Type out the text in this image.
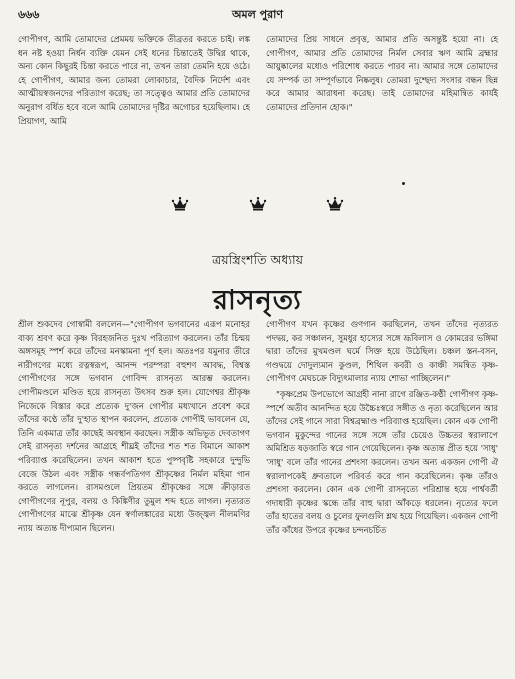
৬৬৬	অমল পুরাণ

গোপীগণ, আমি তোমাদের প্রেমময় ভক্তিকে তীব্রতর করতে চাই। লঙ্ক ধন নষ্ট হওয়া নির্ধন ব্যক্তি যেমন সেই ধনের চিন্তাতেই উদ্বিগ্ন থাকে, অন্য কোন কিছুরই চিন্তা করতে পারে না, তখন তারা তেমনি হয়ে ওঠে। হে গোপীগণ, আমার জন্য তোমরা লোকাচার, বৈদিক নির্দেশ এবং আত্মীয়স্বজনদের পরিত্যাগ করেছ; তা সত্ত্বেও আমার প্রতি তোমাদের অনুরাগ বর্ধিত হবে বলে আমি তোমাদের দৃষ্টির অগোচর হয়েছিলাম। হে প্রিয়াগণ, আমি

তোমাদের প্রিয় সাধনে প্রবৃত্ত, আমার প্রতি অসন্তুষ্ট হয়ো না। হে গোপীগণ, আমার প্রতি তোমাদের নির্মল সেবার ঋণ আমি ব্রহ্মার আয়ুষ্কালের মধ্যেও পরিশোধ করতে পারব না। আমার সঙ্গে তোমাদের যে সম্পর্ক তা সম্পূর্ণভাবে নিষ্কলুষ। তোমরা দুশ্ছেদ্য সংসার বন্ধন ছিন্ন করে আমার আরাধনা করেছ। তাই তোমাদের মহিমান্বিত কার্যই তোমাদের প্রতিদান হোক।"

ত্রয়স্ত্রিংশতি অধ্যায়
রাসনৃত্য

শ্রীল শুকদেব গোস্বামী বললেন—"গোপীগণ ভগবানের এরূপ মনোহর বাক্য শ্রবণ করে কৃষ্ণ বিরহজনিত দুঃখ পরিত্যাগ করলেন। তাঁর চিন্ময় অঙ্গসমূহ স্পর্শ করে তাঁদের মনস্কামনা পূর্ণ হল। অতঃপর যমুনার তীরে নারীগণের মধ্যে রত্নস্বরূপ, আনন্দ পরম্পরা বহুশণ আবদ্ধ, বিশ্বস্ত গোপীগণের সঙ্গে ভগবান গোবিন্দ রাসনৃত্য আরম্ভ করলেন। গোপীমণ্ডলে মণ্ডিত হয়ে রাসনৃত্য উৎসব শুরু হল। যোগেশ্বর শ্রীকৃষ্ণ নিজেকে বিস্তার করে প্রত্যেক দু'জন গোপীর মধ্যখানে প্রবেশ করে তাঁদের কণ্ঠে তাঁর দু'হাত স্থাপন করলেন, প্রত্যেক গোপীই ভাবলেন যে, তিনি একমাত্র তাঁর কাছেই অবস্থান করছেন। সস্ত্রীক অভিভূত দেবতাগণ সেই রাসনৃত্য দর্শনের আগ্রহে শীঘ্রই তাঁদের শত শত বিমানে আকাশ পরিব্যাপ্ত করেছিলেন। তখন আকাশ হতে পুষ্পবৃষ্টি সহকারে দুন্দুভি বেজে উঠল এবং সস্ত্রীক গন্ধর্বপতিগণ শ্রীকৃষ্ণের নির্মল মহিমা গান করতে লাগলেন। রাসমণ্ডলে প্রিয়তম শ্রীকৃষ্ণের সঙ্গে ক্রীড়ারত গোপীগণের নূপুর, বলয় ও কিঙ্কিণীর তুমুল শব্দ হতে লাগল। নৃত্যরত গোপীগণের মাঝে শ্রীকৃষ্ণ যেন স্বর্ণালঙ্কারের মধ্যে উজ্জ্বল নীলমণির ন্যায় অত্যন্ত দীপ্যমান ছিলেন।

গোপীগণ যখন কৃষ্ণের গুণগান করছিলেন, তখন তাঁদের নৃত্যরত পদদ্বয়, কর সঞ্চালন, সুমধুর হাস্যের সঙ্গে ভ্রূবিলাস ও কোমরের ভঙ্গিমা দ্বারা তাঁদের মুখমণ্ডল ঘর্মে সিক্ত হয়ে উঠেছিল। চঞ্চল স্তন-বসন, গণ্ডদ্বয়ে দোদুল্যমান কুণ্ডল, শিথিল কবরী ও কাঞ্চী সমন্বিত কৃষ্ণ-গোপীগণ মেঘচক্রে বিদ্যুৎমালার ন্যায় শোভা পাচ্ছিলেন।"

"কৃষ্ণপ্রেম উপভোগে আগ্রহী নানা রাগে রঞ্জিত-কণ্ঠী গোপীগণ কৃষ্ণ-স্পর্শে অতীব আনন্দিত হয়ে উচ্চৈঃস্বরে সঙ্গীত ও নৃত্য করেছিলেন আর তাঁদের সেই গানে সারা বিশ্বব্রহ্মাণ্ড পরিব্যাপ্ত হয়েছিল। কোন এক গোপী ভগবান মুকুন্দের গানের সঙ্গে সঙ্গে তাঁর চেয়েও উচ্চতর স্বরালাপে অমিশ্রিত ষড়জাতি স্বরে গান গেয়েছিলেন। কৃষ্ণ অত্যন্ত প্রীত হয়ে 'সাধু' 'সাধু' বলে তাঁর গানের প্রশংসা করলেন। তখন অন্য একজন গোপী ঐ স্বরালাপকেই ধ্রুবতালে পরিবর্ত করে গান করেছিলেন। কৃষ্ণ তাঁরও প্রশংসা করলেন। কোন এক গোপী রাসনৃত্যে পরিশ্রান্ত হয়ে পার্শ্ববর্তী গদাধারী কৃষ্ণের স্কন্ধে তাঁর বাহু দ্বারা আঁকড়ে ধরলেন। নৃত্যের ফলে তাঁর হাতের বলয় ও চুলের ফুলগুলি শ্লথ হয়ে গিয়েছিল। একজন গোপী তাঁর কাঁধের উপরে কৃষ্ণের চন্দনচর্চিত
